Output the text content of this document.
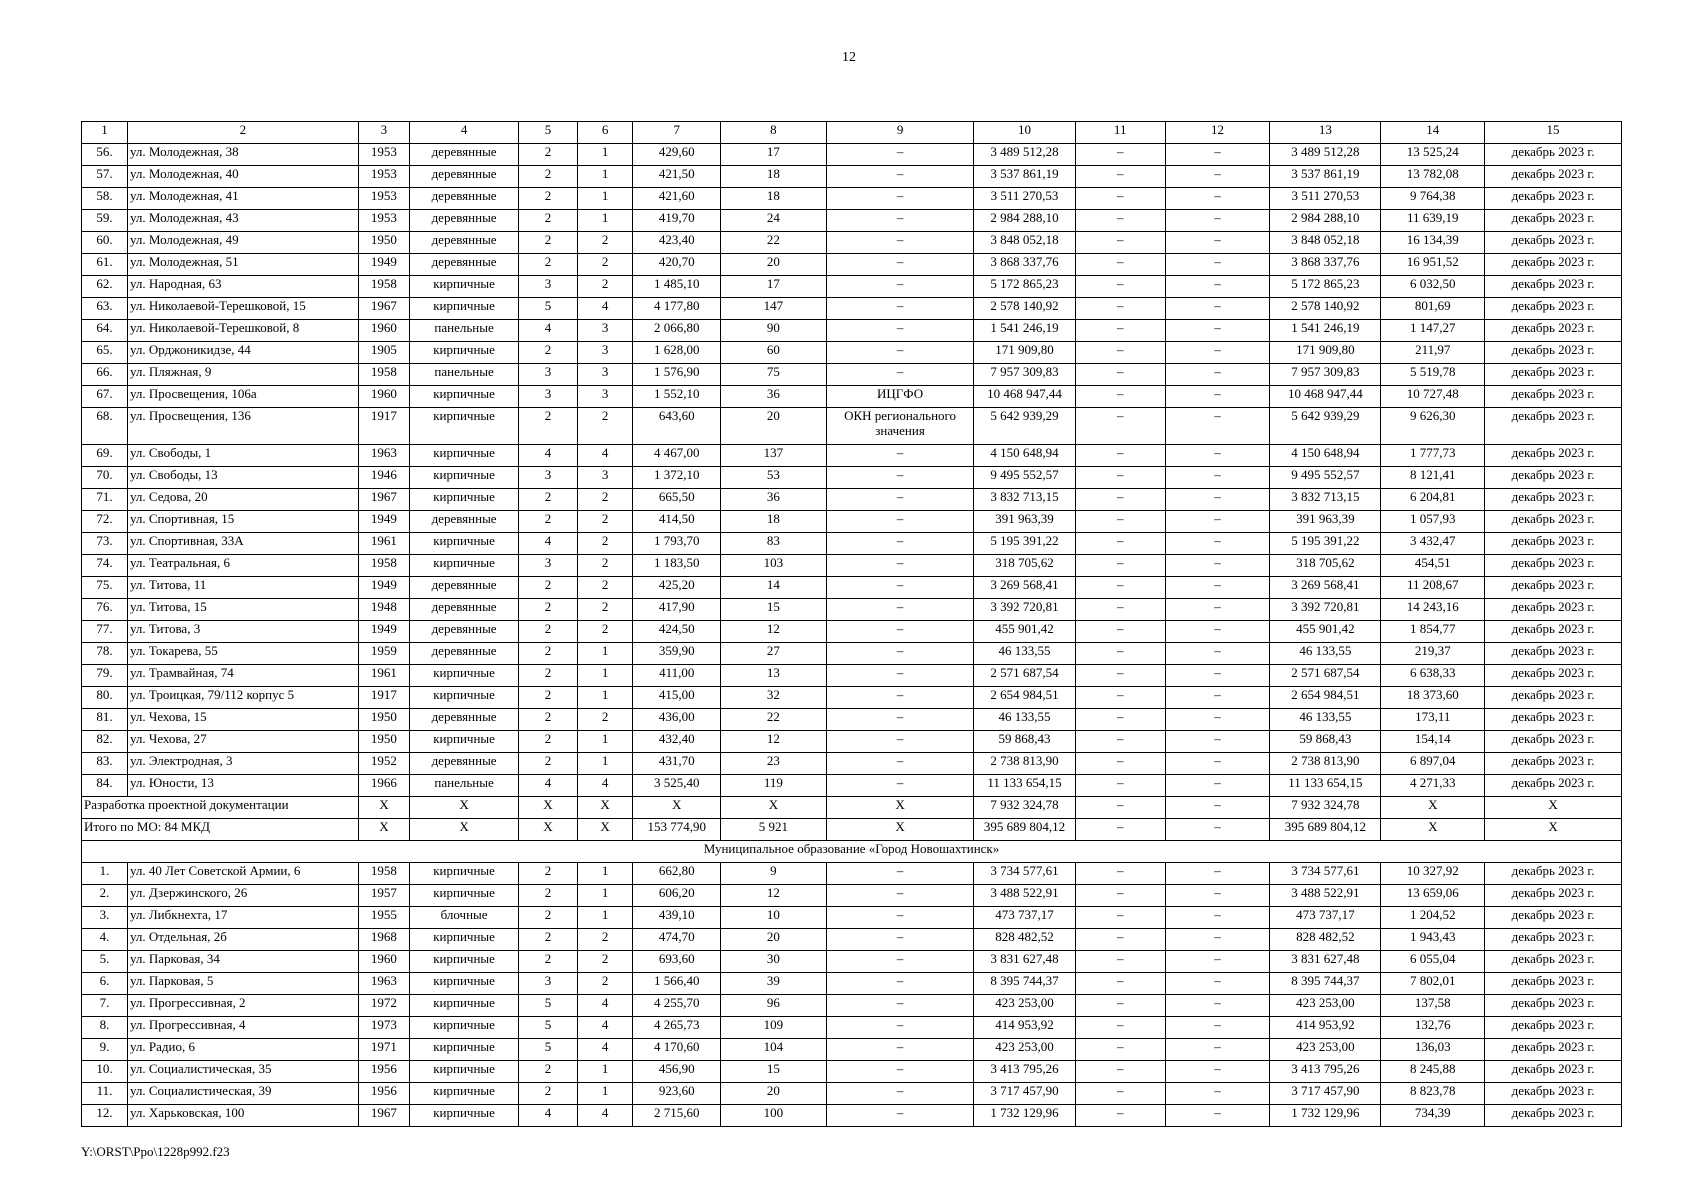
12
1	2	3	4	5	6	7	8	9	10	11	12	13	14	15
56.	ул. Молодежная, 38	1953	деревянные	2	1	429,60	17	–	3 489 512,28	–	–	3 489 512,28	13 525,24	декабрь 2023 г.
57.	ул. Молодежная, 40	1953	деревянные	2	1	421,50	18	–	3 537 861,19	–	–	3 537 861,19	13 782,08	декабрь 2023 г.
58.	ул. Молодежная, 41	1953	деревянные	2	1	421,60	18	–	3 511 270,53	–	–	3 511 270,53	9 764,38	декабрь 2023 г.
59.	ул. Молодежная, 43	1953	деревянные	2	1	419,70	24	–	2 984 288,10	–	–	2 984 288,10	11 639,19	декабрь 2023 г.
60.	ул. Молодежная, 49	1950	деревянные	2	2	423,40	22	–	3 848 052,18	–	–	3 848 052,18	16 134,39	декабрь 2023 г.
61.	ул. Молодежная, 51	1949	деревянные	2	2	420,70	20	–	3 868 337,76	–	–	3 868 337,76	16 951,52	декабрь 2023 г.
62.	ул. Народная, 63	1958	кирпичные	3	2	1 485,10	17	–	5 172 865,23	–	–	5 172 865,23	6 032,50	декабрь 2023 г.
63.	ул. Николаевой-Терешковой, 15	1967	кирпичные	5	4	4 177,80	147	–	2 578 140,92	–	–	2 578 140,92	801,69	декабрь 2023 г.
64.	ул. Николаевой-Терешковой, 8	1960	панельные	4	3	2 066,80	90	–	1 541 246,19	–	–	1 541 246,19	1 147,27	декабрь 2023 г.
65.	ул. Орджоникидзе, 44	1905	кирпичные	2	3	1 628,00	60	–	171 909,80	–	–	171 909,80	211,97	декабрь 2023 г.
66.	ул. Пляжная, 9	1958	панельные	3	3	1 576,90	75	–	7 957 309,83	–	–	7 957 309,83	5 519,78	декабрь 2023 г.
67.	ул. Просвещения, 106а	1960	кирпичные	3	3	1 552,10	36	ИЦГФО	10 468 947,44	–	–	10 468 947,44	10 727,48	декабрь 2023 г.
68.	ул. Просвещения, 136	1917	кирпичные	2	2	643,60	20	ОКН регионального значения	5 642 939,29	–	–	5 642 939,29	9 626,30	декабрь 2023 г.
69.	ул. Свободы, 1	1963	кирпичные	4	4	4 467,00	137	–	4 150 648,94	–	–	4 150 648,94	1 777,73	декабрь 2023 г.
70.	ул. Свободы, 13	1946	кирпичные	3	3	1 372,10	53	–	9 495 552,57	–	–	9 495 552,57	8 121,41	декабрь 2023 г.
71.	ул. Седова, 20	1967	кирпичные	2	2	665,50	36	–	3 832 713,15	–	–	3 832 713,15	6 204,81	декабрь 2023 г.
72.	ул. Спортивная, 15	1949	деревянные	2	2	414,50	18	–	391 963,39	–	–	391 963,39	1 057,93	декабрь 2023 г.
73.	ул. Спортивная, 33А	1961	кирпичные	4	2	1 793,70	83	–	5 195 391,22	–	–	5 195 391,22	3 432,47	декабрь 2023 г.
74.	ул. Театральная, 6	1958	кирпичные	3	2	1 183,50	103	–	318 705,62	–	–	318 705,62	454,51	декабрь 2023 г.
75.	ул. Титова, 11	1949	деревянные	2	2	425,20	14	–	3 269 568,41	–	–	3 269 568,41	11 208,67	декабрь 2023 г.
76.	ул. Титова, 15	1948	деревянные	2	2	417,90	15	–	3 392 720,81	–	–	3 392 720,81	14 243,16	декабрь 2023 г.
77.	ул. Титова, 3	1949	деревянные	2	2	424,50	12	–	455 901,42	–	–	455 901,42	1 854,77	декабрь 2023 г.
78.	ул. Токарева, 55	1959	деревянные	2	1	359,90	27	–	46 133,55	–	–	46 133,55	219,37	декабрь 2023 г.
79.	ул. Трамвайная, 74	1961	кирпичные	2	1	411,00	13	–	2 571 687,54	–	–	2 571 687,54	6 638,33	декабрь 2023 г.
80.	ул. Троицкая, 79/112 корпус 5	1917	кирпичные	2	1	415,00	32	–	2 654 984,51	–	–	2 654 984,51	18 373,60	декабрь 2023 г.
81.	ул. Чехова, 15	1950	деревянные	2	2	436,00	22	–	46 133,55	–	–	46 133,55	173,11	декабрь 2023 г.
82.	ул. Чехова, 27	1950	кирпичные	2	1	432,40	12	–	59 868,43	–	–	59 868,43	154,14	декабрь 2023 г.
83.	ул. Электродная, 3	1952	деревянные	2	1	431,70	23	–	2 738 813,90	–	–	2 738 813,90	6 897,04	декабрь 2023 г.
84.	ул. Юности, 13	1966	панельные	4	4	3 525,40	119	–	11 133 654,15	–	–	11 133 654,15	4 271,33	декабрь 2023 г.
Разработка проектной документации		Х	Х	Х	Х	Х	Х	Х	7 932 324,78	–	–	7 932 324,78	Х	Х
Итого по МО: 84 МКД		Х	Х	Х	Х	153 774,90	5 921	Х	395 689 804,12	–	–	395 689 804,12	Х	Х
Муниципальное образование «Город Новошахтинск»														
1.	ул. 40 Лет Советской Армии, 6	1958	кирпичные	2	1	662,80	9	–	3 734 577,61	–	–	3 734 577,61	10 327,92	декабрь 2023 г.
2.	ул. Дзержинского, 26	1957	кирпичные	2	1	606,20	12	–	3 488 522,91	–	–	3 488 522,91	13 659,06	декабрь 2023 г.
3.	ул. Либкнехта, 17	1955	блочные	2	1	439,10	10	–	473 737,17	–	–	473 737,17	1 204,52	декабрь 2023 г.
4.	ул. Отдельная, 2б	1968	кирпичные	2	2	474,70	20	–	828 482,52	–	–	828 482,52	1 943,43	декабрь 2023 г.
5.	ул. Парковая, 34	1960	кирпичные	2	2	693,60	30	–	3 831 627,48	–	–	3 831 627,48	6 055,04	декабрь 2023 г.
6.	ул. Парковая, 5	1963	кирпичные	3	2	1 566,40	39	–	8 395 744,37	–	–	8 395 744,37	7 802,01	декабрь 2023 г.
7.	ул. Прогрессивная, 2	1972	кирпичные	5	4	4 255,70	96	–	423 253,00	–	–	423 253,00	137,58	декабрь 2023 г.
8.	ул. Прогрессивная, 4	1973	кирпичные	5	4	4 265,73	109	–	414 953,92	–	–	414 953,92	132,76	декабрь 2023 г.
9.	ул. Радио, 6	1971	кирпичные	5	4	4 170,60	104	–	423 253,00	–	–	423 253,00	136,03	декабрь 2023 г.
10.	ул. Социалистическая, 35	1956	кирпичные	2	1	456,90	15	–	3 413 795,26	–	–	3 413 795,26	8 245,88	декабрь 2023 г.
11.	ул. Социалистическая, 39	1956	кирпичные	2	1	923,60	20	–	3 717 457,90	–	–	3 717 457,90	8 823,78	декабрь 2023 г.
12.	ул. Харьковская, 100	1967	кирпичные	4	4	2 715,60	100	–	1 732 129,96	–	–	1 732 129,96	734,39	декабрь 2023 г.
Y:\ORST\Ppo\1228p992.f23
